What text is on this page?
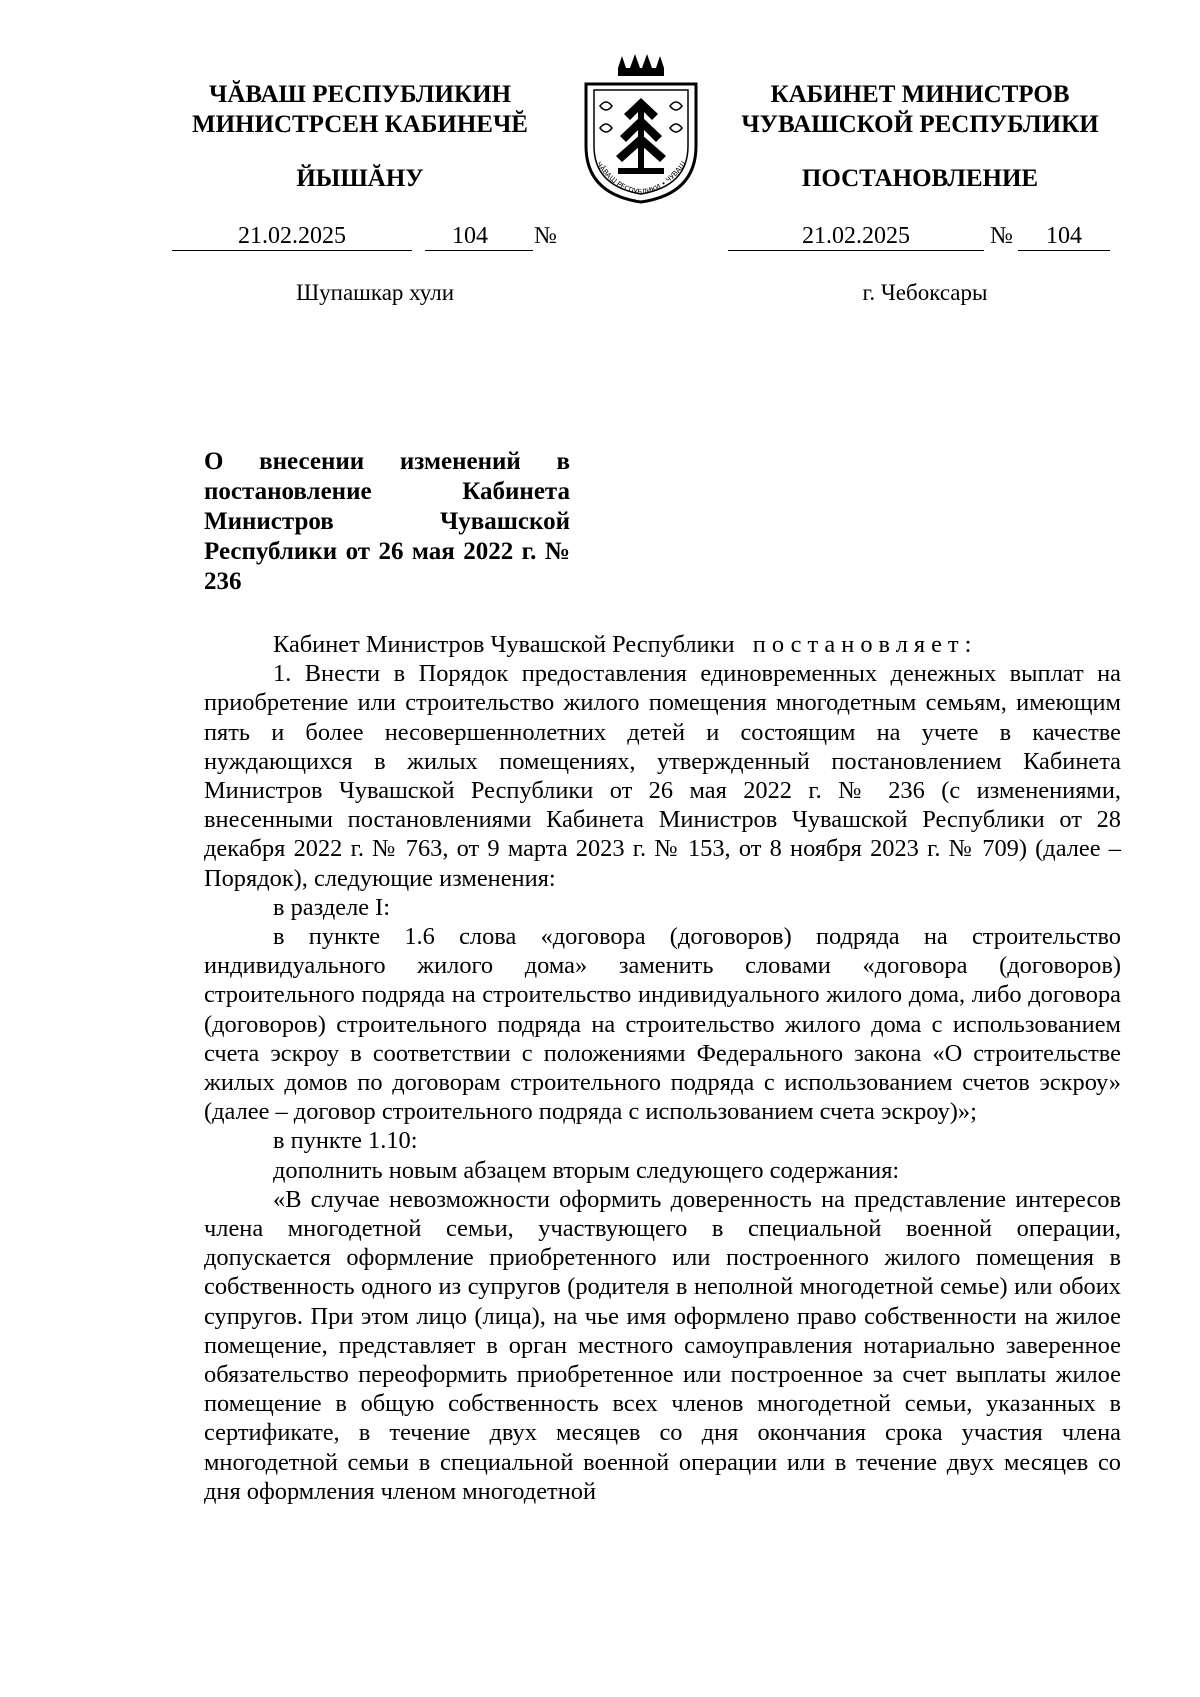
ЧĂВАШ РЕСПУБЛИКИН
МИНИСТРСЕН КАБИНЕЧĔ
ЙЫШĂНУ
КАБИНЕТ МИНИСТРОВ
ЧУВАШСКОЙ РЕСПУБЛИКИ
ПОСТАНОВЛЕНИЕ
ЧĂВАШ РЕСПУБЛИКИ • ЧУВАШ
21.02.2025	104	№	21.02.2025	№	104
Шупашкар хули	г. Чебоксары
О внесении изменений в постановление Кабинета Министров Чувашской Республики от 26 мая 2022 г. № 236

Кабинет Министров Чувашской Республики постановляет:

1. Внести в Порядок предоставления единовременных денежных выплат на приобретение или строительство жилого помещения многодетным семьям, имеющим пять и более несовершеннолетних детей и состоящим на учете в качестве нуждающихся в жилых помещениях, утвержденный постановлением Кабинета Министров Чувашской Республики от 26 мая 2022 г. № 236 (с изменениями, внесенными постановлениями Кабинета Министров Чувашской Республики от 28 декабря 2022 г. № 763, от 9 марта 2023 г. № 153, от 8 ноября 2023 г. № 709) (далее – Порядок), следующие изменения:

в разделе I:

в пункте 1.6 слова «договора (договоров) подряда на строительство индивидуального жилого дома» заменить словами «договора (договоров) строительного подряда на строительство индивидуального жилого дома, либо договора (договоров) строительного подряда на строительство жилого дома с использованием счета эскроу в соответствии с положениями Федерального закона «О строительстве жилых домов по договорам строительного подряда с использованием счетов эскроу» (далее – договор строительного подряда с использованием счета эскроу)»;

в пункте 1.10:

дополнить новым абзацем вторым следующего содержания:

«В случае невозможности оформить доверенность на представление интересов члена многодетной семьи, участвующего в специальной военной операции, допускается оформление приобретенного или построенного жилого помещения в собственность одного из супругов (родителя в неполной многодетной семье) или обоих супругов. При этом лицо (лица), на чье имя оформлено право собственности на жилое помещение, представляет в орган местного самоуправления нотариально заверенное обязательство переоформить приобретенное или построенное за счет выплаты жилое помещение в общую собственность всех членов многодетной семьи, указанных в сертификате, в течение двух месяцев со дня окончания срока участия члена многодетной семьи в специальной военной операции или в течение двух месяцев со дня оформления членом многодетной
